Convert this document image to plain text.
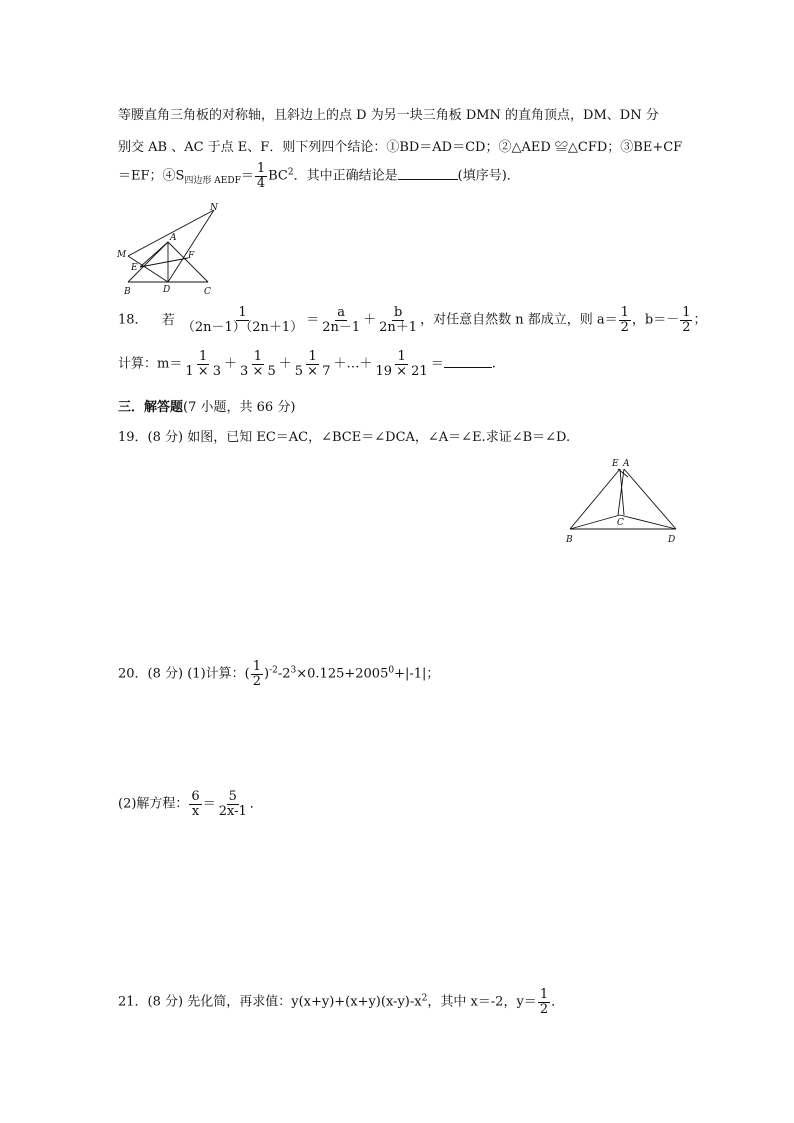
等腰直角三角板的对称轴，且斜边上的点 D 为另一块三角板 DMN 的直角顶点，DM、DN 分
别交 AB 、AC 于点 E、F．则下列四个结论：①BD＝AD＝CD；②△AED ≌△CFD；③BE+CF
＝EF；$④S_{四边形 AEDF}= \frac{1}{4} BC^2$．其中正确结论是	(填序号)．
N
M
A
E
F
B	D	C
18． 若 $\frac{1}{(2n-1)(2n+1)} = \frac{a}{2n-1} + \frac{b}{2n+1}$ ，对任意自然数 n 都成立，则 $a= \frac{1}{2}$ ，$b=- \frac{1}{2}$ ；
计算：$m= \frac{1}{1 \times 3} + \frac{1}{3 \times 5} + \frac{1}{5 \times 7}$ ＋…＋ $\frac{1}{19 \times 21}$ ＝	.
三．解答题(7 小题，共 66 分)
19．(8 分) 如图，已知 EC＝AC，∠BCE＝∠DCA，∠A＝∠E.求证∠B＝∠D.
E A
C
B	D
20．(8 分) (1)计算：( $\frac{1}{2} )^{-2}-2^3\times 0.125+2005^0+|-1|$；
(2)解方程： $\frac{6}{x} = \frac{5}{2x-1}$ ．
21．(8 分) 先化简，再求值：$y(x+y)+(x+y)(x-y)-x^2$，其中 x＝-2，$y= \frac{1}{2}$ ．
